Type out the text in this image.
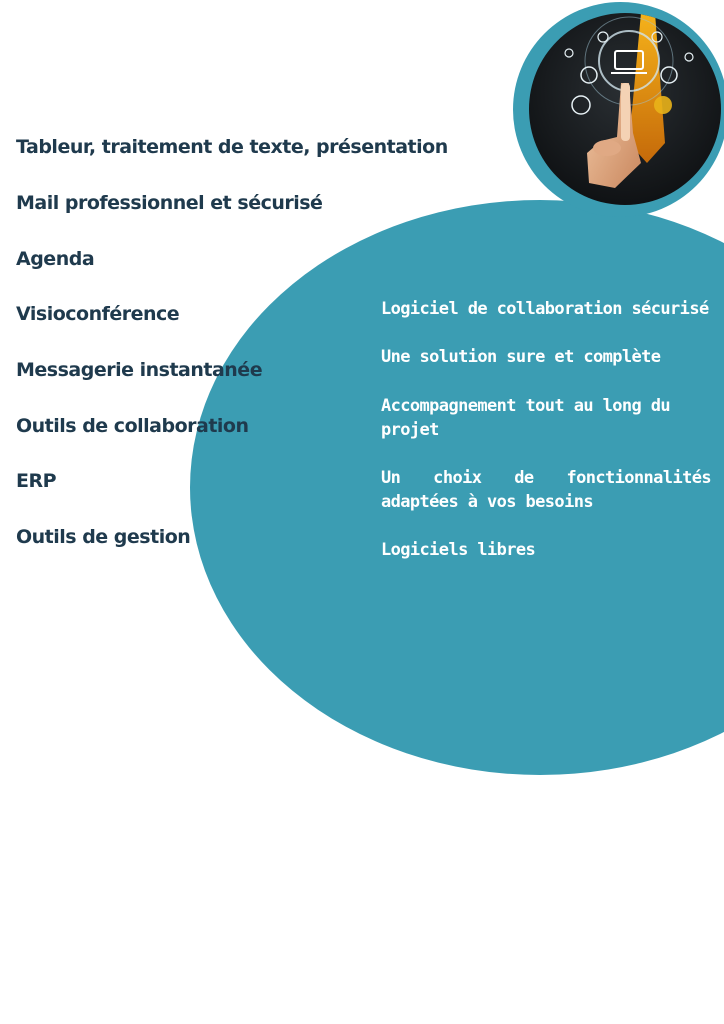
Tableur, traitement de texte, présentation
Mail professionnel et sécurisé
Agenda
Visioconférence
Messagerie instantanée
Outils de collaboration
ERP
Outils de gestion
Logiciel de collaboration sécurisé
Une solution sure et complète
Accompagnement tout au long du projet
Un choix de fonctionnalités adaptées à vos besoins
Logiciels libres
